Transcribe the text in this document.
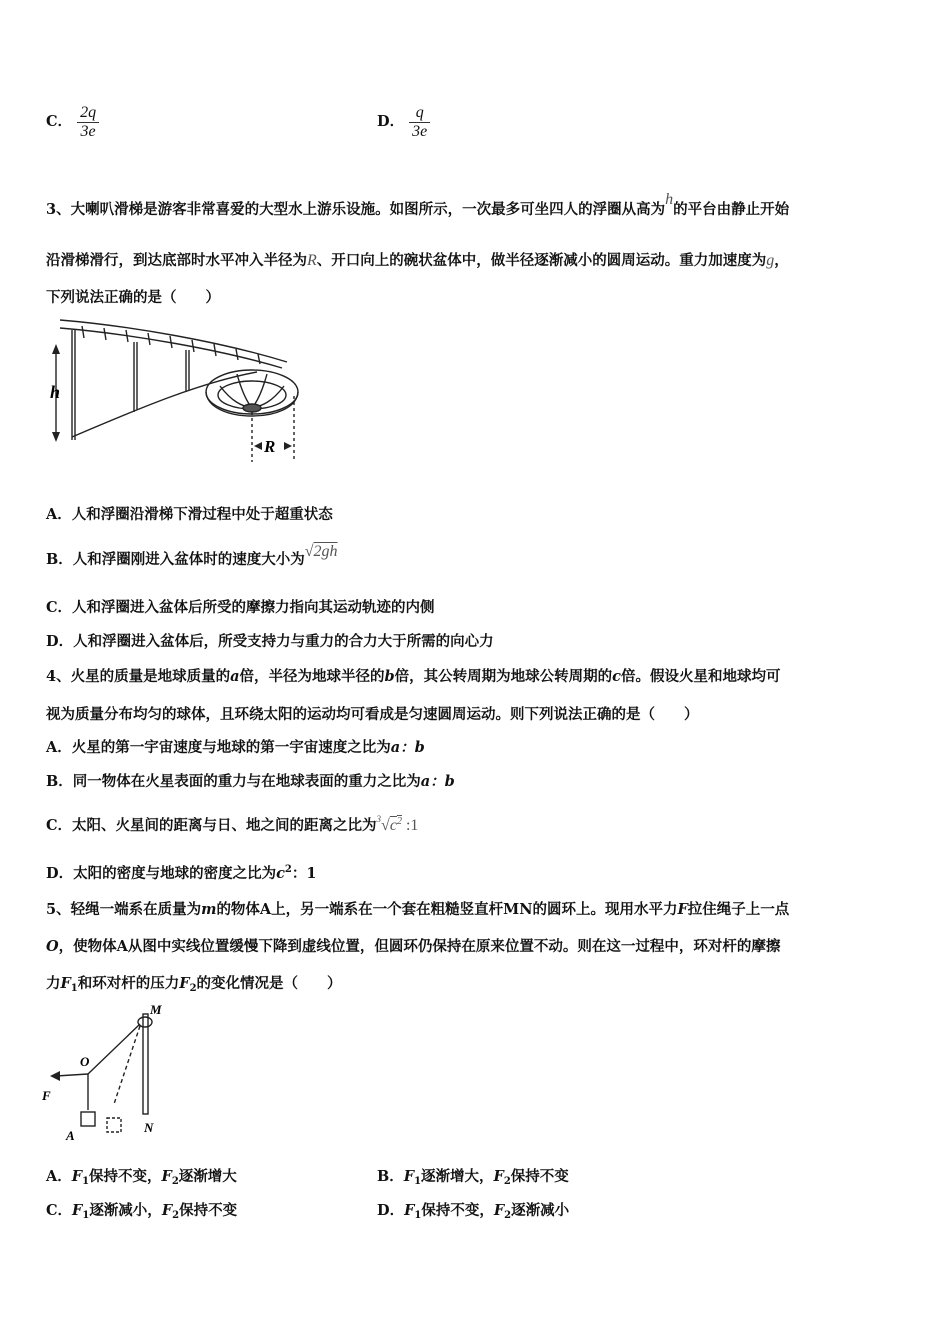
C． $\frac{2q}{3e}$	D． $\frac{q}{3e}$
3、大喇叭滑梯是游客非常喜爱的大型水上游乐设施。如图所示，一次最多可坐四人的浮圈从高为h的平台由静止开始
沿滑梯滑行，到达底部时水平冲入半径为R、开口向上的碗状盆体中，做半径逐渐减小的圆周运动。重力加速度为g，
下列说法正确的是（　　）
h
R
A．人和浮圈沿滑梯下滑过程中处于超重状态
B．人和浮圈刚进入盆体时的速度大小为√2gh
C．人和浮圈进入盆体后所受的摩擦力指向其运动轨迹的内侧
D．人和浮圈进入盆体后，所受支持力与重力的合力大于所需的向心力
4、火星的质量是地球质量的a倍，半径为地球半径的b倍，其公转周期为地球公转周期的c倍。假设火星和地球均可
视为质量分布均匀的球体，且环绕太阳的运动均可看成是匀速圆周运动。则下列说法正确的是（　　）
A．火星的第一宇宙速度与地球的第一宇宙速度之比为a：b
B．同一物体在火星表面的重力与在地球表面的重力之比为a：b
C．太阳、火星间的距离与日、地之间的距离之比为$^3√c^2$ :1
D．太阳的密度与地球的密度之比为$c^2$：1
5、轻绳一端系在质量为m的物体A上，另一端系在一个套在粗糙竖直杆MN的圆环上。现用水平力F拉住绳子上一点
O，使物体A从图中实线位置缓慢下降到虚线位置，但圆环仍保持在原来位置不动。则在这一过程中，环对杆的摩擦
力$F_1$和环对杆的压力$F_2$的变化情况是（　　）
M
O
F
A
N
A．$F_1$保持不变，$F_2$逐渐增大	B．$F_1$逐渐增大，$F_2$保持不变
C．$F_1$逐渐减小，$F_2$保持不变	D．$F_1$保持不变，$F_2$逐渐减小
